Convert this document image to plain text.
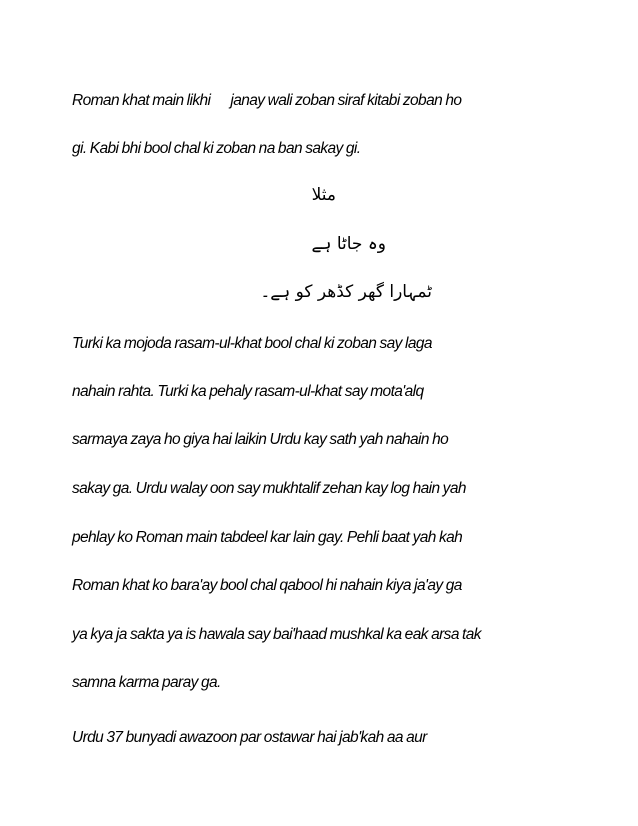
Roman khat main likhi janay wali zoban siraf kitabi zoban ho
gi. Kabi bhi bool chal ki zoban na ban sakay gi.
مثلا
وہ جاٹا ہے
ٹمہارا گھر کڈھر کو ہے۔
Turki ka mojoda rasam-ul-khat bool chal ki zoban say laga
nahain rahta. Turki ka pehaly rasam-ul-khat say mota'alq
sarmaya zaya ho giya hai laikin Urdu kay sath yah nahain ho
sakay ga. Urdu walay oon say mukhtalif zehan kay log hain yah
pehlay ko Roman main tabdeel kar lain gay. Pehli baat yah kah
Roman khat ko bara'ay bool chal qabool hi nahain kiya ja'ay ga
ya kya ja sakta ya is hawala say bai'haad mushkal ka eak arsa tak
samna karma paray ga.
Urdu 37 bunyadi awazoon par ostawar hai jab'kah aa aur
